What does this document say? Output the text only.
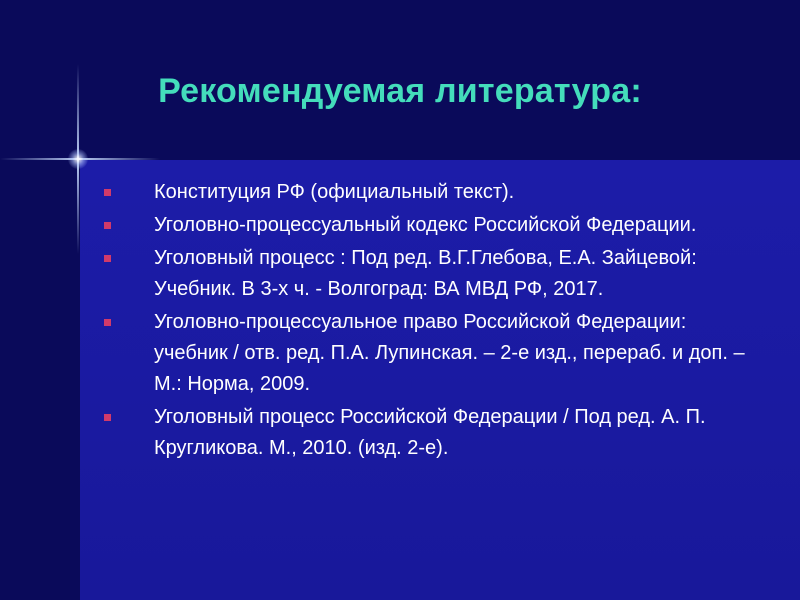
Рекомендуемая литература:
Конституция РФ (официальный текст).
Уголовно-процессуальный кодекс Российской Федерации.
Уголовный процесс : Под ред. В.Г.Глебова, Е.А. Зайцевой: Учебник. В 3-х ч. - Волгоград: ВА МВД РФ, 2017.
Уголовно-процессуальное право Российской Федерации: учебник / отв. ред. П.А. Лупинская. – 2-е изд., перераб. и доп. – М.: Норма, 2009.
Уголовный процесс Российской Федерации / Под ред. А. П. Кругликова. М., 2010. (изд. 2-е).
